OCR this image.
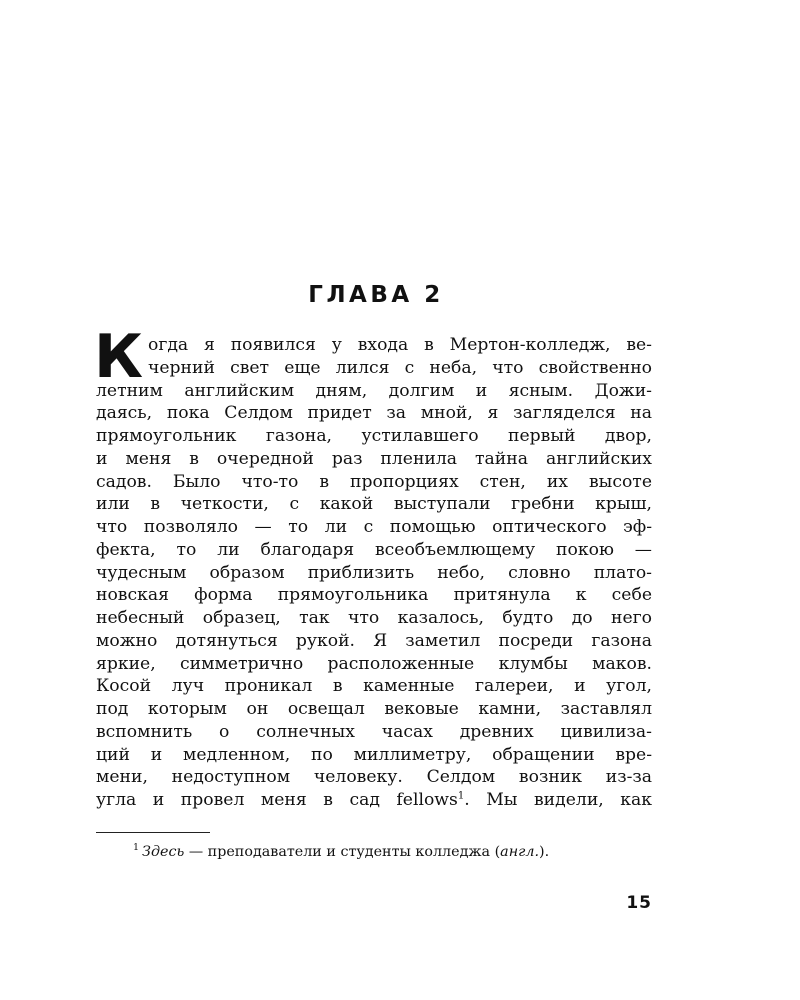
ГЛАВА 2
К огда я появился у входа в Мертон-колледж, ве-
черний свет еще лился с неба, что свойственно
летним английским дням, долгим и ясным. Дожи-
даясь, пока Селдом придет за мной, я загляделся на
прямоугольник газона, устилавшего первый двор,
и меня в очередной раз пленила тайна английских
садов. Было что-то в пропорциях стен, их высоте
или в четкости, с какой выступали гребни крыш,
что позволяло — то ли с помощью оптического эф-
фекта, то ли благодаря всеобъемлющему покою —
чудесным образом приблизить небо, словно плато-
новская форма прямоугольника притянула к себе
небесный образец, так что казалось, будто до него
можно дотянуться рукой. Я заметил посреди газона
яркие, симметрично расположенные клумбы маков.
Косой луч проникал в каменные галереи, и угол,
под которым он освещал вековые камни, заставлял
вспомнить о солнечных часах древних цивилиза-
ций и медленном, по миллиметру, обращении вре-
мени, недоступном человеку. Селдом возник из-за
угла и провел меня в сад fellows$^1$. Мы видели, как
$^1$ Здесь — преподаватели и студенты колледжа (англ.).
15
